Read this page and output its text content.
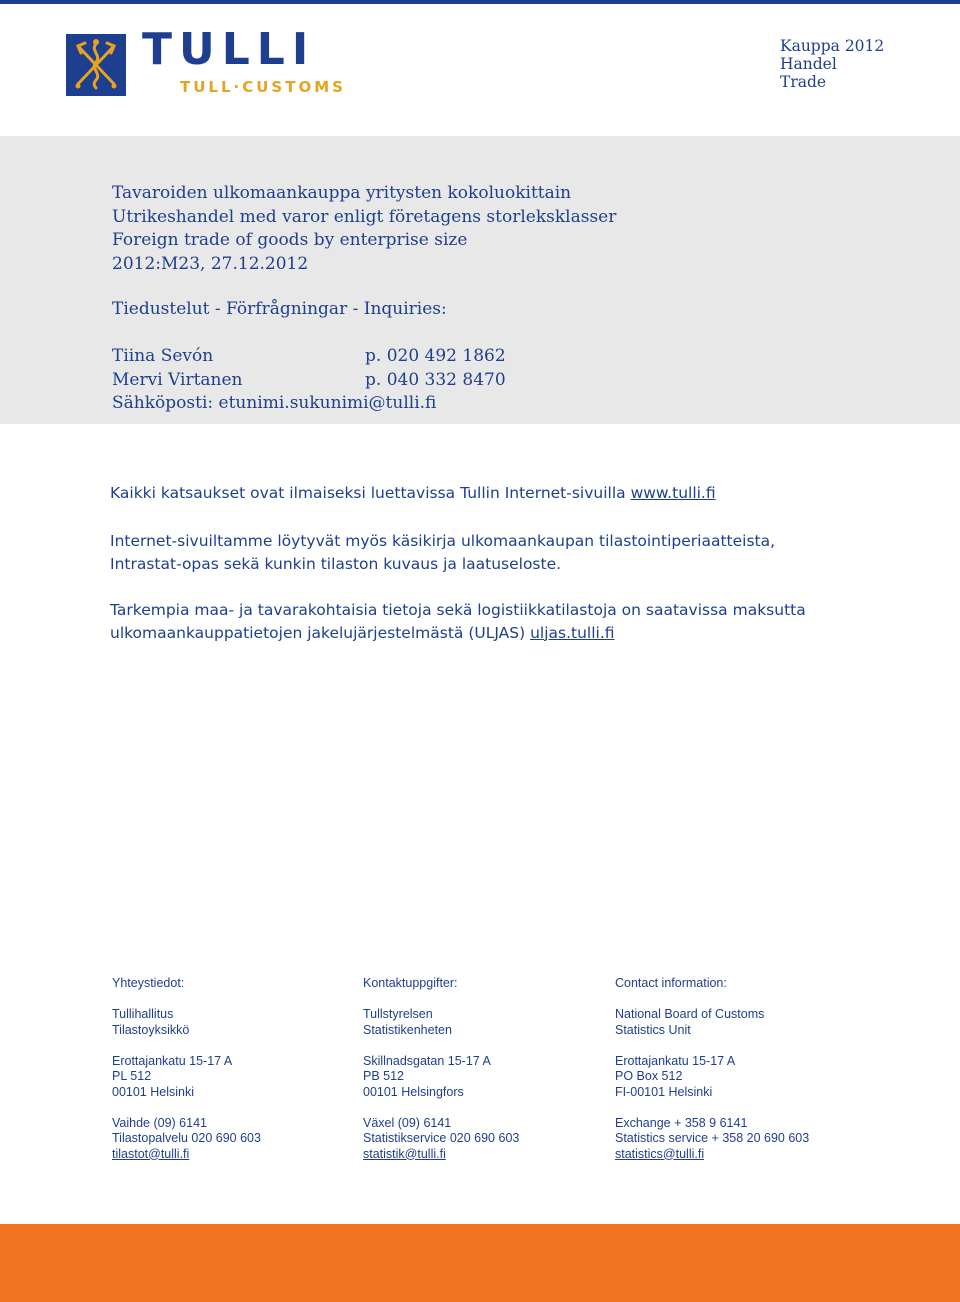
TULLI
TULL·CUSTOMS
Kauppa 2012
Handel
Trade
Tavaroiden ulkomaankauppa yritysten kokoluokittain
Utrikeshandel med varor enligt företagens storleksklasser
Foreign trade of goods by enterprise size
2012:M23, 27.12.2012
Tiedustelut - Förfrågningar - Inquiries:
Tiina Sevón	p. 020 492 1862
Mervi Virtanen	p. 040 332 8470
Sähköposti: etunimi.sukunimi@tulli.fi
Kaikki katsaukset ovat ilmaiseksi luettavissa Tullin Internet-sivuilla www.tulli.fi
Internet-sivuiltamme löytyvät myös käsikirja ulkomaankaupan tilastointiperiaatteista,
Intrastat-opas sekä kunkin tilaston kuvaus ja laatuseloste.
Tarkempia maa- ja tavarakohtaisia tietoja sekä logistiikkatilastoja on saatavissa maksutta
ulkomaankauppatietojen jakelujärjestelmästä (ULJAS) uljas.tulli.fi
Yhteystiedot:
Tullihallitus
Tilastoyksikkö
Erottajankatu 15-17 A
PL 512
00101 Helsinki
Vaihde (09) 6141
Tilastopalvelu 020 690 603
tilastot@tulli.fi
Kontaktuppgifter:
Tullstyrelsen
Statistikenheten
Skillnadsgatan 15-17 A
PB 512
00101 Helsingfors
Växel (09) 6141
Statistikservice 020 690 603
statistik@tulli.fi
Contact information:
National Board of Customs
Statistics Unit
Erottajankatu 15-17 A
PO Box 512
FI-00101 Helsinki
Exchange + 358 9 6141
Statistics service + 358 20 690 603
statistics@tulli.fi
